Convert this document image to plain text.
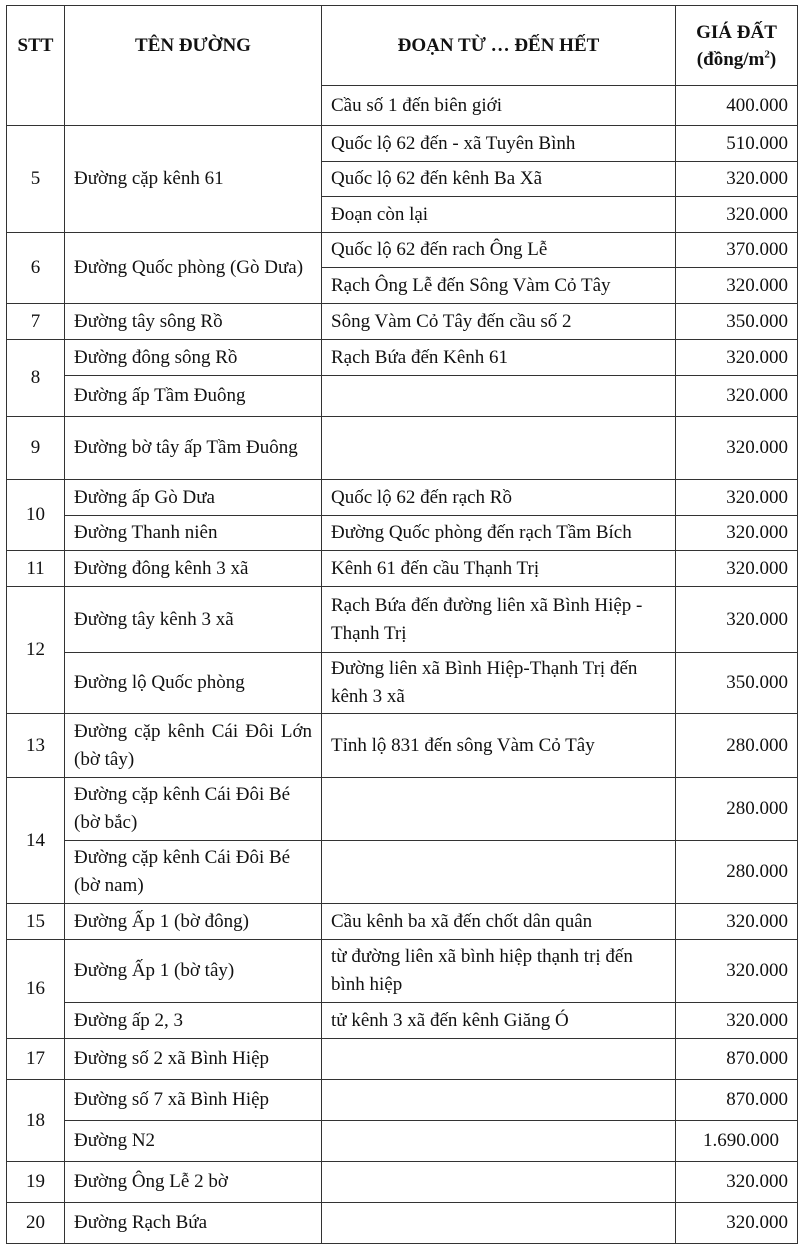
STT	TÊN ĐƯỜNG	ĐOẠN TỪ … ĐẾN HẾT	GIÁ ĐẤT
$(đồng/m^2)$
		Cầu số 1 đến biên giới	400.000
5	Đường cặp kênh 61	Quốc lộ 62 đến - xã Tuyên Bình	510.000
		Quốc lộ 62 đến kênh Ba Xã	320.000
		Đoạn còn lại	320.000
6	Đường Quốc phòng (Gò Dưa)	Quốc lộ 62 đến rach Ông Lễ	370.000
		Rạch Ông Lễ đến Sông Vàm Cỏ Tây	320.000
7	Đường tây sông Rồ	Sông Vàm Cỏ Tây đến cầu số 2	350.000
8	Đường đông sông Rồ	Rạch Bứa đến Kênh 61	320.000
	Đường ấp Tầm Đuông		320.000
9	Đường bờ tây ấp Tầm Đuông		320.000
10	Đường ấp Gò Dưa	Quốc lộ 62 đến rạch Rồ	320.000
	Đường Thanh niên	Đường Quốc phòng đến rạch Tầm Bích	320.000
11	Đường đông kênh 3 xã	Kênh 61 đến cầu Thạnh Trị	320.000
12	Đường tây kênh 3 xã	Rạch Bứa đến đường liên xã Bình Hiệp - Thạnh Trị	320.000
	Đường lộ Quốc phòng	Đường liên xã Bình Hiệp-Thạnh Trị đến kênh 3 xã	350.000
13	Đường cặp kênh Cái Đôi Lớn (bờ tây)	Tỉnh lộ 831 đến sông Vàm Cỏ Tây	280.000
14	Đường cặp kênh Cái Đôi Bé (bờ bắc)		280.000
	Đường cặp kênh Cái Đôi Bé (bờ nam)		280.000
15	Đường Ấp 1 (bờ đông)	Cầu kênh ba xã đến chốt dân quân	320.000
16	Đường Ấp 1 (bờ tây)	từ đường liên xã bình hiệp thạnh trị đến bình hiệp	320.000
	Đường ấp 2, 3	tử kênh 3 xã đến kênh Giăng Ó	320.000
17	Đường số 2 xã Bình Hiệp		870.000
18	Đường số 7 xã Bình Hiệp		870.000
	Đường N2		1.690.000
19	Đường Ông Lễ 2 bờ		320.000
20	Đường Rạch Bứa		320.000
